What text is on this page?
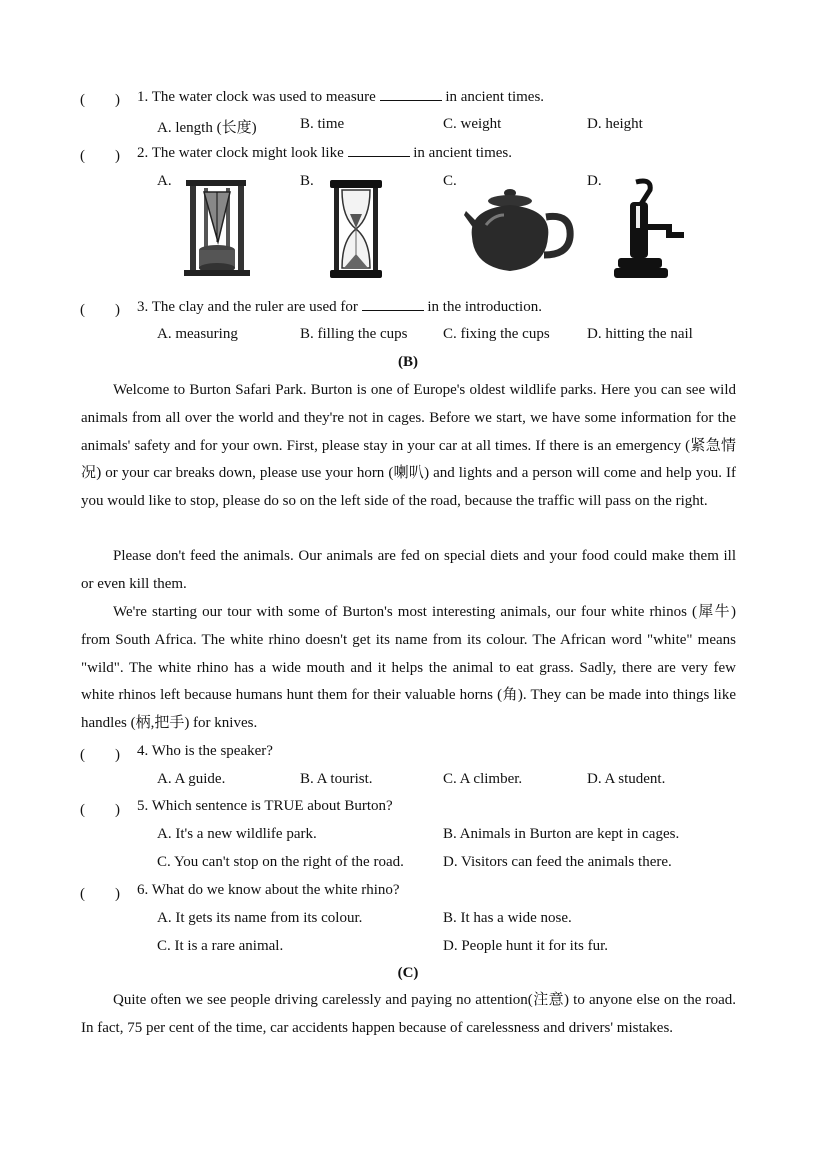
(　　) 1. The water clock was used to measure	in ancient times.
A. length (长度)	B. time	C. weight	D. height
(　　) 2. The water clock might look like	in ancient times.
A.	B.	C.	D.
(　　) 3. The clay and the ruler are used for	in the introduction.
A. measuring	B. filling the cups C. fixing the cups D. hitting the nail
(B)
Welcome to Burton Safari Park. Burton is one of Europe's oldest wildlife parks. Here you can see wild animals from all over the world and they're not in cages. Before we start, we have some information for the animals' safety and for your own. First, please stay in your car at all times. If there is an emergency (紧急情况) or your car breaks down, please use your horn (喇叭) and lights and a person will come and help you. If you would like to stop, please do so on the left side of the road, because the traffic will pass on the right.
Please don't feed the animals. Our animals are fed on special diets and your food could make them ill or even kill them.
We're starting our tour with some of Burton's most interesting animals, our four white rhinos (犀牛) from South Africa. The white rhino doesn't get its name from its colour. The African word "white" means "wild". The white rhino has a wide mouth and it helps the animal to eat grass. Sadly, there are very few white rhinos left because humans hunt them for their valuable horns (角). They can be made into things like handles (柄,把手) for knives.
(　　) 4. Who is the speaker?
A. A guide.	B. A tourist.	C. A climber.	D. A student.
(　　) 5. Which sentence is TRUE about Burton?
A. It's a new wildlife park.	B. Animals in Burton are kept in cages.
C. You can't stop on the right of the road.	D. Visitors can feed the animals there.
(　　) 6. What do we know about the white rhino?
A. It gets its name from its colour.	B. It has a wide nose.
C. It is a rare animal.	D. People hunt it for its fur.
(C)
Quite often we see people driving carelessly and paying no attention(注意) to anyone else on the road. In fact, 75 per cent of the time, car accidents happen because of carelessness and drivers' mistakes.
